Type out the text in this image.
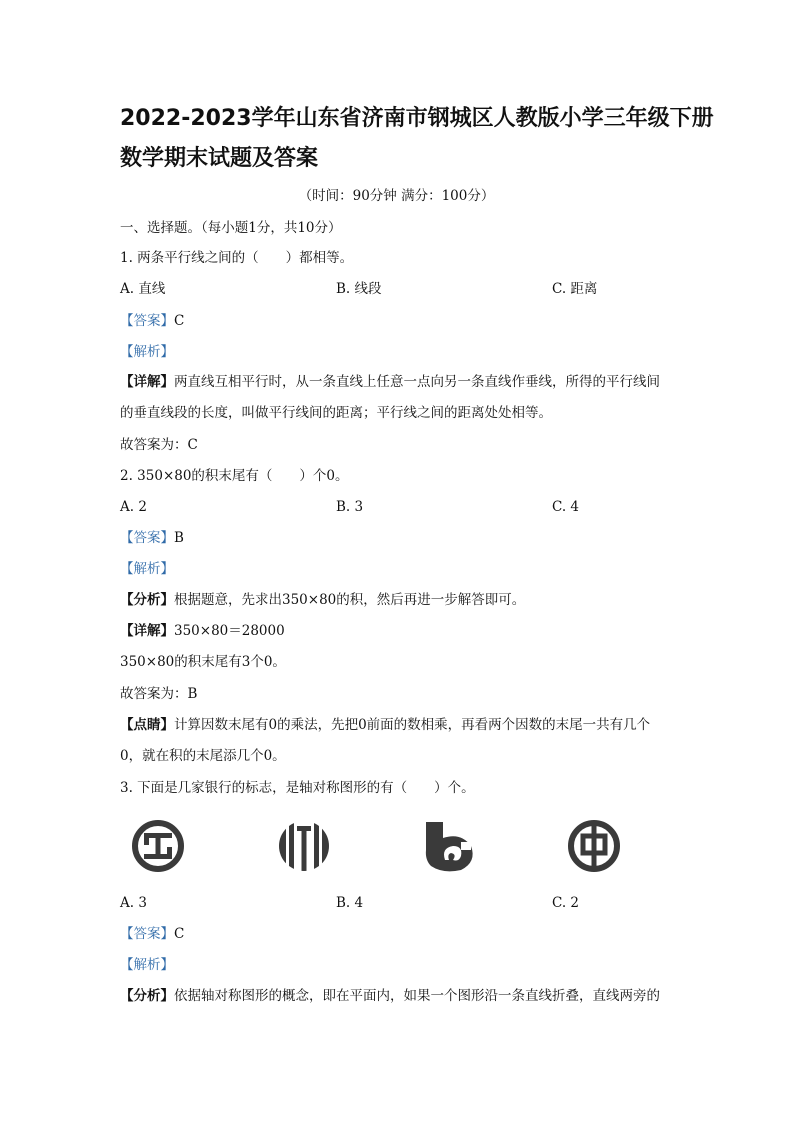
2022-2023学年山东省济南市钢城区人教版小学三年级下册
数学期末试题及答案
（时间：90分钟 满分：100分）
一、选择题。（每小题1分，共10分）
1. 两条平行线之间的（　　）都相等。
A. 直线	B. 线段	C. 距离
【答案】C
【解析】
【详解】两直线互相平行时，从一条直线上任意一点向另一条直线作垂线，所得的平行线间
的垂直线段的长度，叫做平行线间的距离；平行线之间的距离处处相等。
故答案为：C
2. 350×80的积末尾有（　　）个0。
A. 2	B. 3	C. 4
【答案】B
【解析】
【分析】根据题意，先求出350×80的积，然后再进一步解答即可。
【详解】350×80＝28000
350×80的积末尾有3个0。
故答案为：B
【点睛】计算因数末尾有0的乘法，先把0前面的数相乘，再看两个因数的末尾一共有几个
0，就在积的末尾添几个0。
3. 下面是几家银行的标志，是轴对称图形的有（　　）个。
A. 3	B. 4	C. 2
【答案】C
【解析】
【分析】依据轴对称图形的概念，即在平面内，如果一个图形沿一条直线折叠，直线两旁的
